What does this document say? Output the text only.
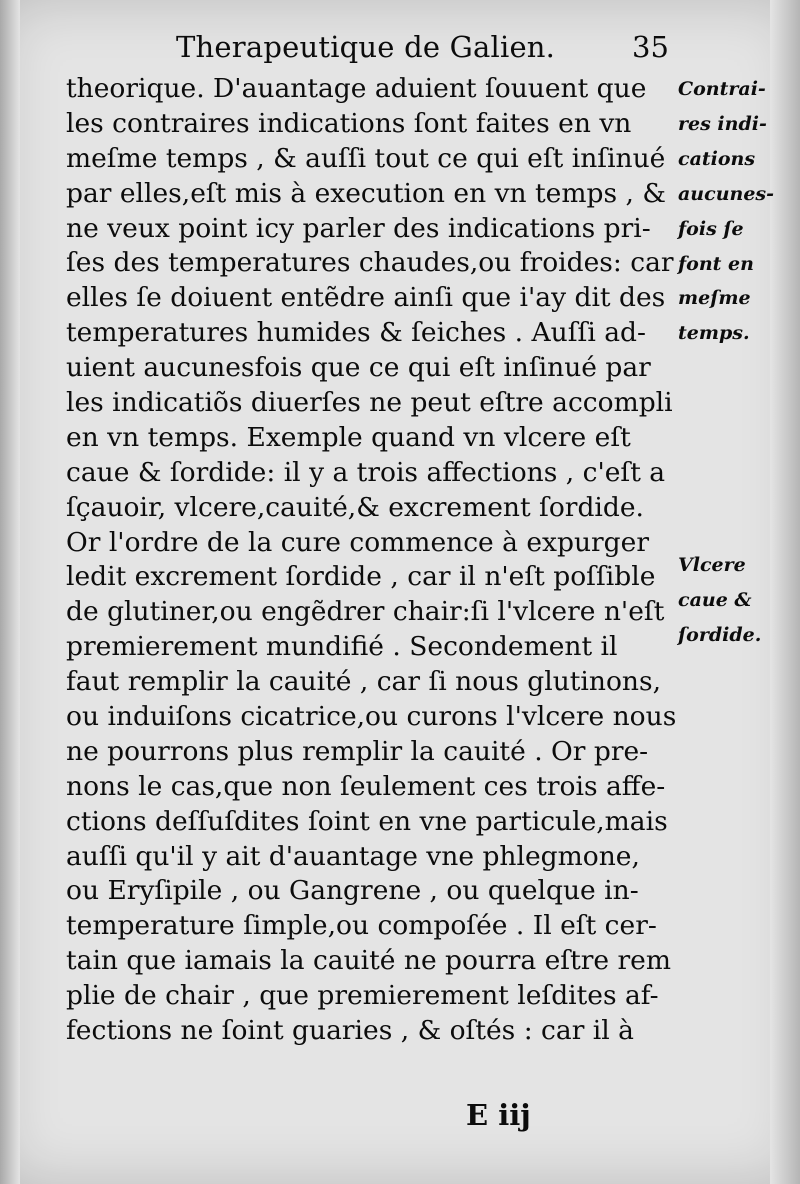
Therapeutique de Galien.	35
theorique. D'auantage aduient ſouuent que
les contraires indications ſont faites en vn
meſme temps , & auſſi tout ce qui eſt inſinué
par elles,eſt mis à execution en vn temps , &
ne veux point icy parler des indications pri-
ſes des temperatures chaudes,ou froides: car
elles ſe doiuent entẽdre ainſi que i'ay dit des
temperatures humides & ſeiches . Auſſi ad-
uient aucunesfois que ce qui eſt inſinué par
les indicatiõs diuerſes ne peut eſtre accompli
en vn temps. Exemple quand vn vlcere eſt
caue & ſordide: il y a trois affections , c'eſt a
ſçauoir, vlcere,cauité,& excrement ſordide.
Or l'ordre de la cure commence à expurger
ledit excrement ſordide , car il n'eſt poſſible
de glutiner,ou engẽdrer chair:ſi l'vlcere n'eſt
premierement mundifié . Secondement il
faut remplir la cauité , car ſi nous glutinons,
ou induiſons cicatrice,ou curons l'vlcere nous
ne pourrons plus remplir la cauité . Or pre-
nons le cas,que non ſeulement ces trois affe-
ctions deſſuſdites ſoint en vne particule,mais
auſſi qu'il y ait d'auantage vne phlegmone,
ou Eryſipile , ou Gangrene , ou quelque in-
temperature ſimple,ou compoſée . Il eſt cer-
tain que iamais la cauité ne pourra eſtre rem
plie de chair , que premierement leſdites af-
fections ne ſoint guaries , & oſtés : car il à
Contrai-
res indi-
cations
aucunes-
fois ſe
font en
meſme
temps.
Vlcere
caue &
ſordide.
E iij
